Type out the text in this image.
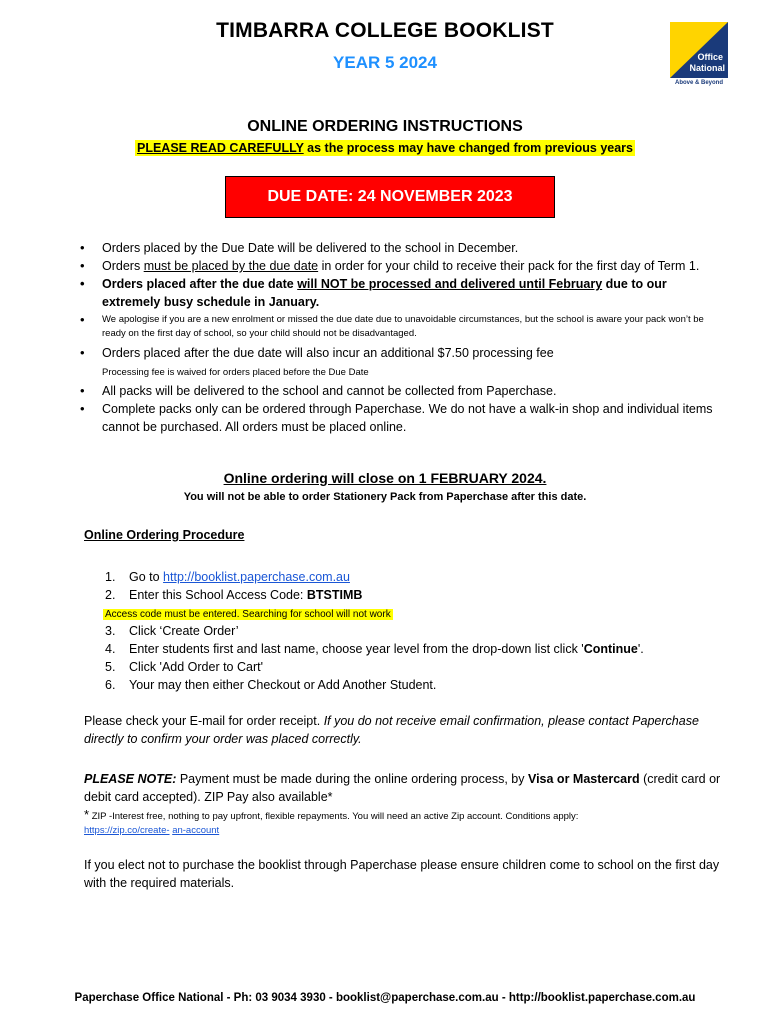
TIMBARRA COLLEGE BOOKLIST
YEAR 5 2024	Office
National
Above & Beyond
ONLINE ORDERING INSTRUCTIONS
PLEASE READ CAREFULLY as the process may have changed from previous years
DUE DATE: 24 NOVEMBER 2023

• Orders placed by the Due Date will be delivered to the school in December.

• Orders must be placed by the due date in order for your child to receive their pack for the first day of Term 1.

• Orders placed after the due date will NOT be processed and delivered until February due to our extremely busy schedule in January.

• We apologise if you are a new enrolment or missed the due date due to unavoidable circumstances, but the school is aware your pack won’t be ready on the first day of school, so your child should not be disadvantaged.

• Orders placed after the due date will also incur an additional $7.50 processing fee
Processing fee is waived for orders placed before the Due Date

• All packs will be delivered to the school and cannot be collected from Paperchase.

• Complete packs only can be ordered through Paperchase. We do not have a walk-in shop and individual items cannot be purchased. All orders must be placed online.

Online ordering will close on 1 FEBRUARY 2024.
You will not be able to order Stationery Pack from Paperchase after this date.
Online Ordering Procedure

1. Go to http://booklist.paperchase.com.au

2. Enter this School Access Code: BTSTIMB

Access code must be entered. Searching for school will not work

3. Click ‘Create Order’

4. Enter students first and last name, choose year level from the drop-down list click 'Continue'.

5. Click 'Add Order to Cart'

6. Your may then either Checkout or Add Another Student.

Please check your E-mail for order receipt. If you do not receive email confirmation, please contact Paperchase directly to confirm your order was placed correctly.
PLEASE NOTE: Payment must be made during the online ordering process, by Visa or Mastercard (credit card or debit card accepted). ZIP Pay also available*
* ZIP -Interest free, nothing to pay upfront, flexible repayments. You will need an active Zip account. Conditions apply:
https://zip.co/create- an-account
If you elect not to purchase the booklist through Paperchase please ensure children come to school on the first day with the required materials.
Paperchase Office National - Ph: 03 9034 3930 - booklist@paperchase.com.au - http://booklist.paperchase.com.au
